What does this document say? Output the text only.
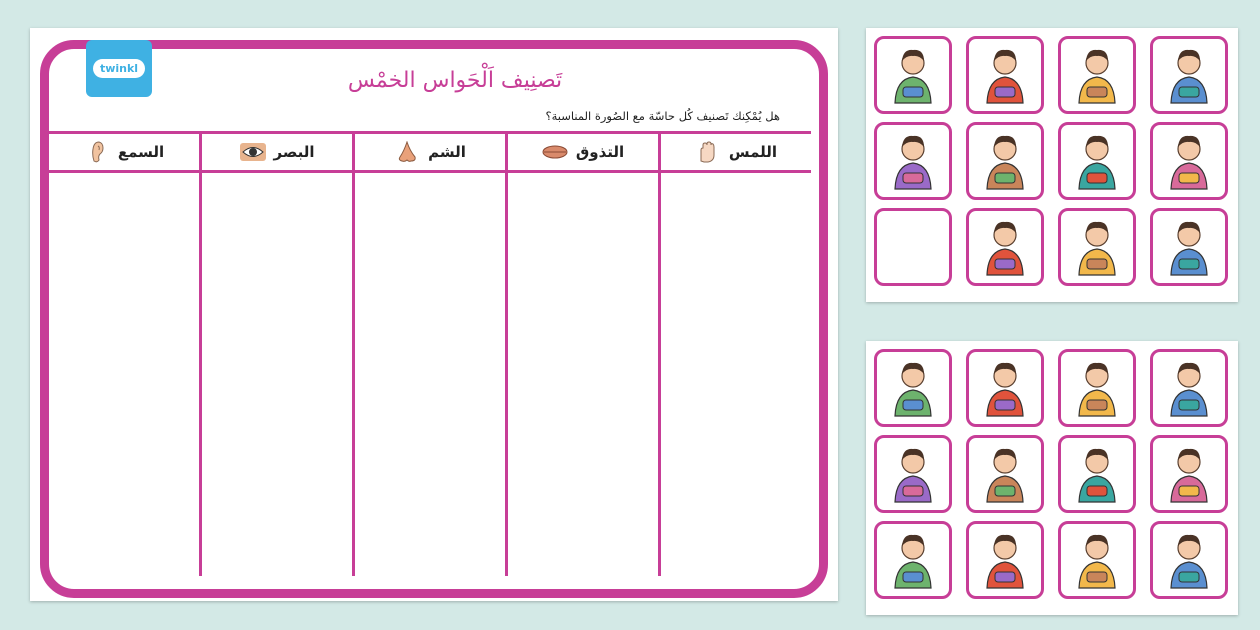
twinkl	تَصنِيف اَلْحَواس الخمْس
هل يُمْكِنك تَصنيف كُل حاسّة مع الصُورة المناسبة؟
اللمس
التذوق
الشم
البصر
السمع
